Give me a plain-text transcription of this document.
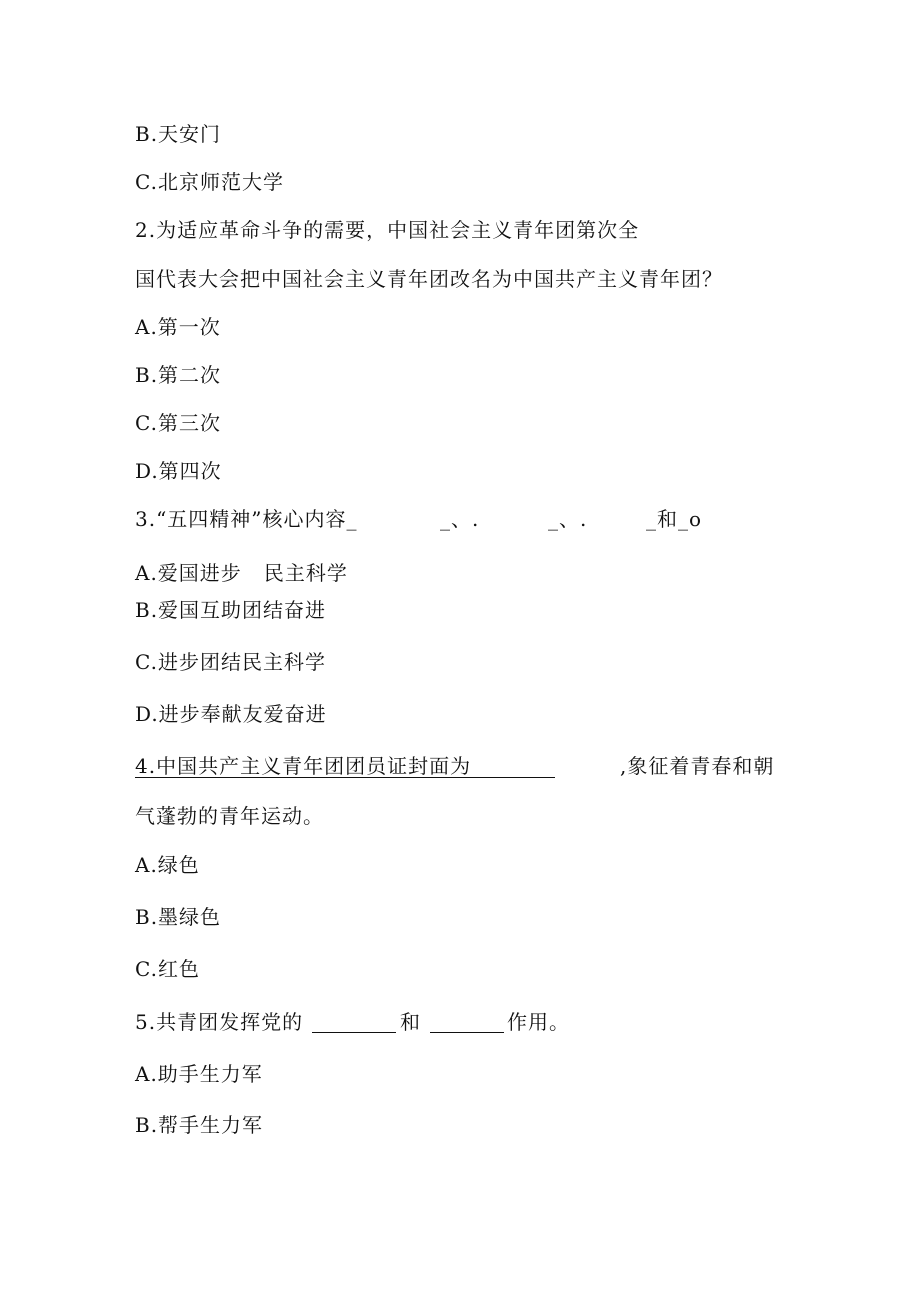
B.天安门
C.北京师范大学
2.为适应革命斗争的需要，中国社会主义青年团第次全
国代表大会把中国社会主义青年团改名为中国共产主义青年团？
A.第一次
B.第二次
C.第三次
D.第四次
3.“五四精神”核心内容_	_、.	_、.	_和_o
A.爱国进步   民主科学
B.爱国互助团结奋进
C.进步团结民主科学
D.进步奉献友爱奋进
4.中国共产主义青年团团员证封面为	,象征着青春和朝
气蓬勃的青年运动。
A.绿色
B.墨绿色
C.红色
5.共青团发挥党的	和	作用。
A.助手生力军
B.帮手生力军
